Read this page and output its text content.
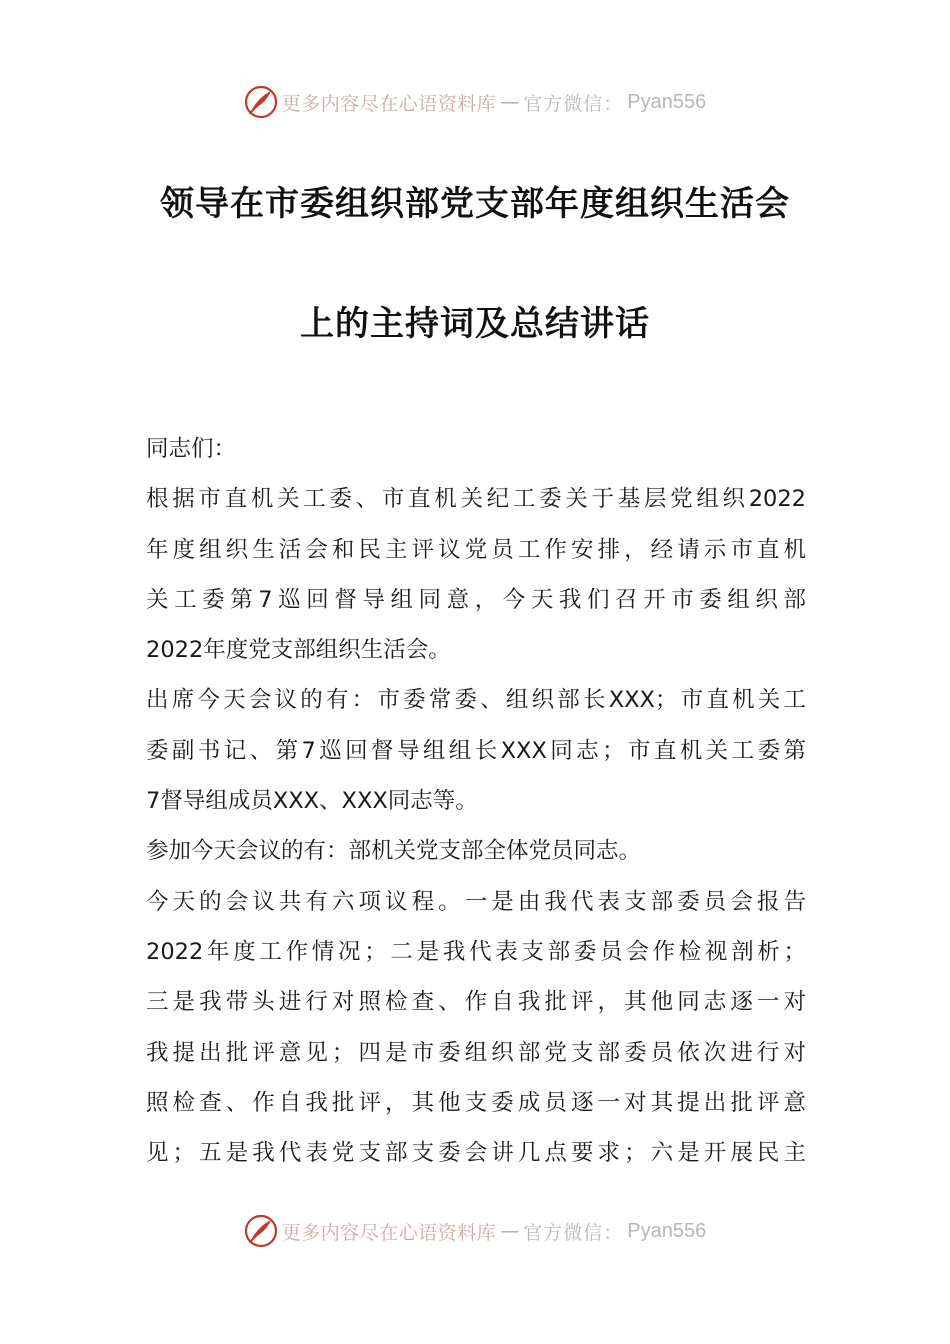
更多内容尽在心语资料库 — 官方微信： Pyan556
领导在市委组织部党支部年度组织生活会
上的主持词及总结讲话
同志们：
根据市直机关工委、市直机关纪工委关于基层党组织2022
年度组织生活会和民主评议党员工作安排，经请示市直机
关工委第7巡回督导组同意，今天我们召开市委组织部
2022年度党支部组织生活会。
出席今天会议的有：市委常委、组织部长XXX；市直机关工
委副书记、第7巡回督导组组长XXX同志；市直机关工委第
7督导组成员XXX、XXX同志等。
参加今天会议的有：部机关党支部全体党员同志。
今天的会议共有六项议程。一是由我代表支部委员会报告
2022年度工作情况；二是我代表支部委员会作检视剖析；
三是我带头进行对照检查、作自我批评，其他同志逐一对
我提出批评意见；四是市委组织部党支部委员依次进行对
照检查、作自我批评，其他支委成员逐一对其提出批评意
见；五是我代表党支部支委会讲几点要求；六是开展民主
更多内容尽在心语资料库 — 官方微信： Pyan556
